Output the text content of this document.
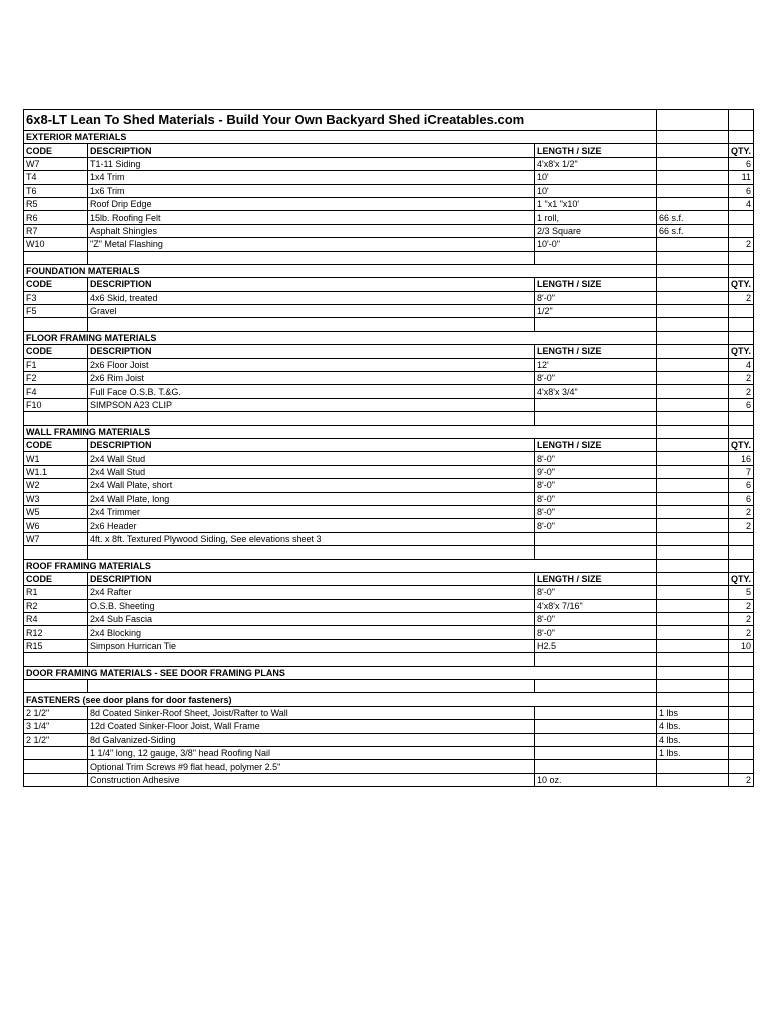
6x8-LT Lean To Shed Materials - Build Your Own Backyard Shed iCreatables.com				
EXTERIOR MATERIALS				
CODE	DESCRIPTION	LENGTH / SIZE		QTY.
W7	T1-11 Siding	4'x8'x 1/2"		6
T4	1x4 Trim	10'		11
T6	1x6 Trim	10'		6
R5	Roof Drip Edge	1 "x1 "x10'		4
R6	15lb. Roofing Felt	1 roll,	66 s.f.	
R7	Asphalt Shingles	2/3 Square	66 s.f.	
W10	"Z" Metal Flashing	10'-0"		2

FOUNDATION MATERIALS				
CODE	DESCRIPTION	LENGTH / SIZE		QTY.
F3	4x6 Skid, treated	8'-0"		2
F5	Gravel	1/2"		

FLOOR FRAMING MATERIALS				
CODE	DESCRIPTION	LENGTH / SIZE		QTY.
F1	2x6 Floor Joist	12'		4
F2	2x6 Rim Joist	8'-0"		2
F4	Full Face O.S.B. T.&G.	4'x8'x 3/4"		2
F10	SIMPSON A23 CLIP			6

WALL FRAMING MATERIALS				
CODE	DESCRIPTION	LENGTH / SIZE		QTY.
W1	2x4 Wall Stud	8'-0"		16
W1.1	2x4 Wall Stud	9'-0"		7
W2	2x4 Wall Plate, short	8'-0"		6
W3	2x4 Wall Plate, long	8'-0"		6
W5	2x4 Trimmer	8'-0"		2
W6	2x6 Header	8'-0"		2
W7	4ft. x 8ft. Textured Plywood Siding, See elevations sheet 3			

ROOF FRAMING MATERIALS				
CODE	DESCRIPTION	LENGTH / SIZE		QTY.
R1	2x4 Rafter	8'-0"		5
R2	O.S.B. Sheeting	4'x8'x 7/16"		2
R4	2x4 Sub Fascia	8'-0"		2
R12	2x4 Blocking	8'-0"		2
R15	Simpson Hurrican Tie	H2.5		10

DOOR FRAMING MATERIALS - SEE DOOR FRAMING PLANS				

FASTENERS (see door plans for door fasteners)				
2 1/2"	8d Coated Sinker-Roof Sheet, Joist/Rafter to Wall		1 lbs	
3 1/4"	12d Coated Sinker-Floor Joist, Wall Frame		4 lbs.	
2 1/2"	8d Galvanized-Siding		4 lbs.	
	1 1/4" long, 12 gauge, 3/8" head Roofing Nail		1 lbs.	
	Optional Trim Screws #9 flat head, polymer 2.5"			
	Construction Adhesive	10 oz.		2
